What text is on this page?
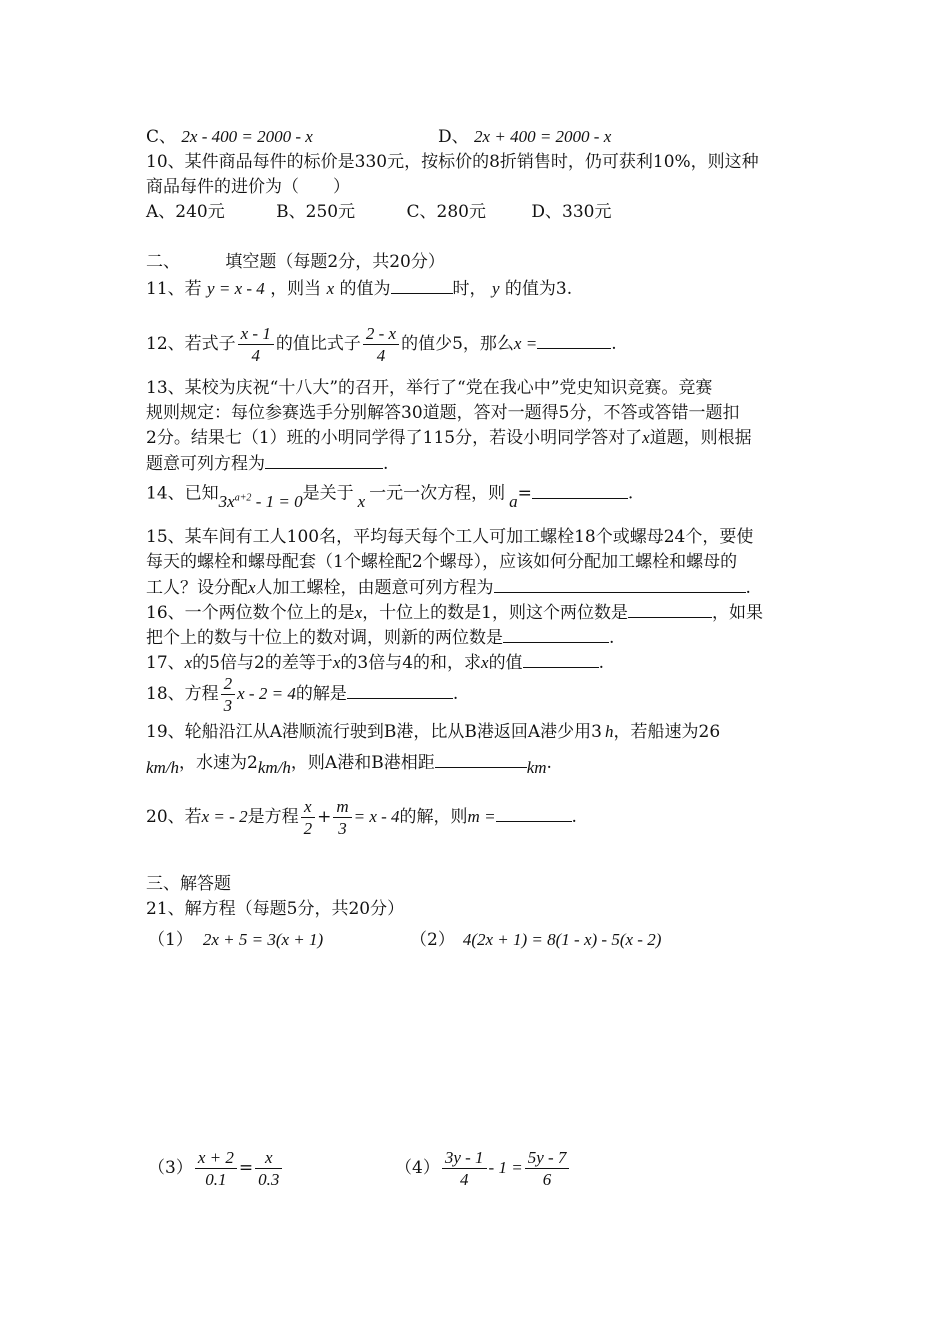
C、 2x - 400 = 2000 - x	D、 2x + 400 = 2000 - x
10、某件商品每件的标价是330元，按标价的8折销售时，仍可获利10%，则这种
商品每件的进价为（　　）
A、240元	B、250元	C、280元	D、330元
二、	填空题（每题2分，共20分）
11、若 y = x - 4 ，则当 x 的值为	时， y 的值为3.
12、若式子 $\frac{x - 1}{4}$ 的值比式子 $\frac{2 - x}{4}$ 的值少5，那么x =	.
13、某校为庆祝“十八大”的召开，举行了“党在我心中”党史知识竞赛。竞赛
规则规定：每位参赛选手分别解答30道题，答对一题得5分，不答或答错一题扣
2分。结果七（1）班的小明同学得了115分，若设小明同学答对了x道题，则根据
题意可列方程为	.
14、已知$3x^{a+2} - 1 = 0$是关于 x 一元一次方程，则 a=	.
15、某车间有工人100名，平均每天每个工人可加工螺栓18个或螺母24个，要使
每天的螺栓和螺母配套（1个螺栓配2个螺母），应该如何分配加工螺栓和螺母的
工人？设分配x人加工螺栓，由题意可列方程为	.
16、一个两位数个位上的是x，十位上的数是1，则这个两位数是	，如果
把个上的数与十位上的数对调，则新的两位数是	.
17、x的5倍与2的差等于x的3倍与4的和，求x的值	.
18、方程 $\frac{2}{3}$ x - 2 = 4的解是	.
19、轮船沿江从A港顺流行驶到B港，比从B港返回A港少用3 h，若船速为26
km/h，水速为2km/h，则A港和B港相距	km.
20、若x = - 2是方程 $\frac{x}{2} + \frac{m}{3} = x - 4$的解，则m =	.
三、解答题
21、解方程（每题5分，共20分）
（1） 2x + 5 = 3(x + 1)	（2） 4(2x + 1) = 8(1 - x) - 5(x - 2)
$(3) \frac{x + 2}{0.1} = \frac{x}{0.3}$	$(4) \frac{3y - 1}{4} - 1 = \frac{5y - 7}{6}$
